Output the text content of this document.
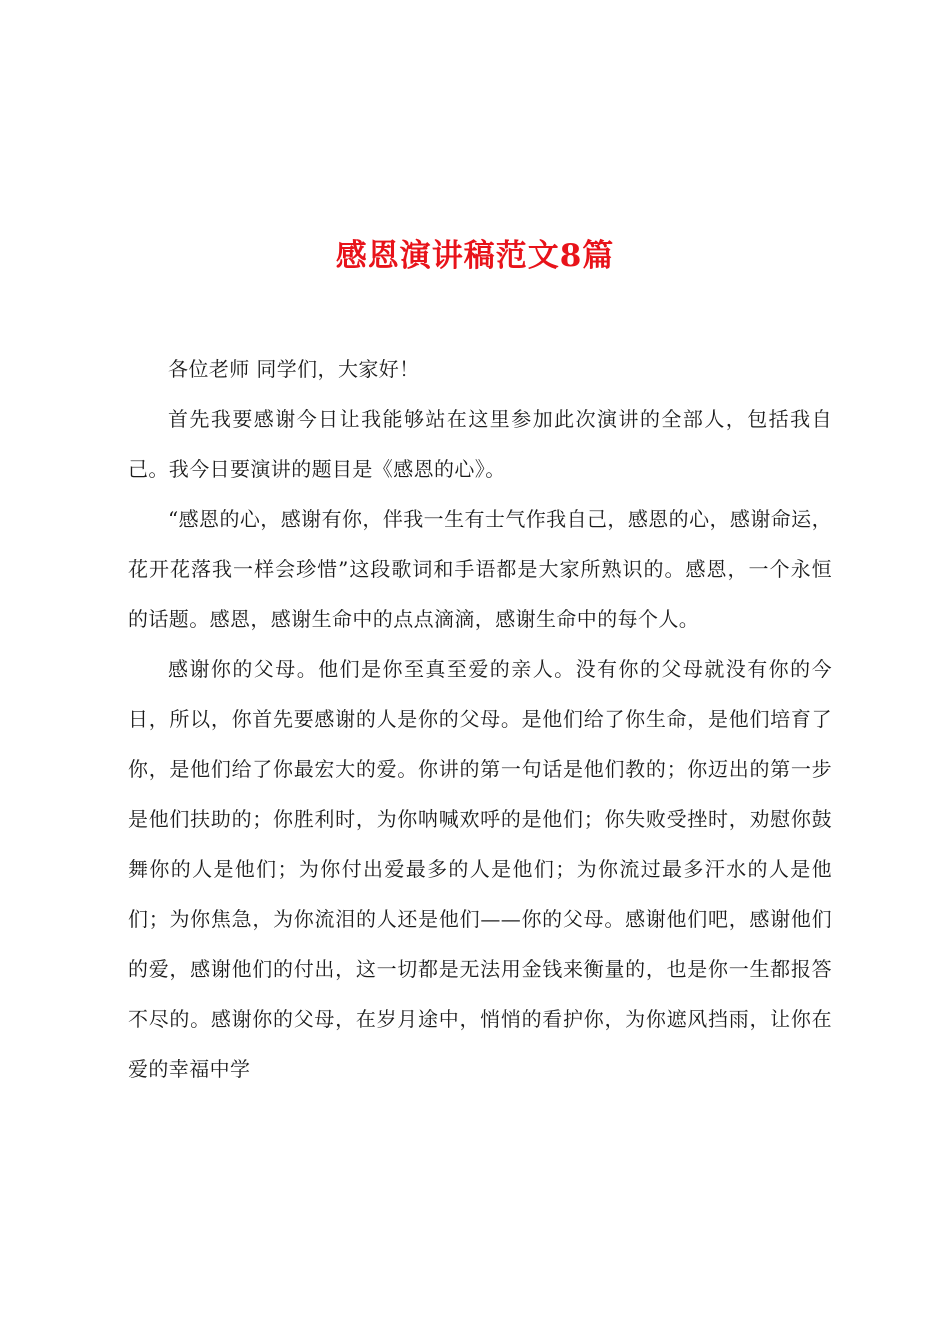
感恩演讲稿范文8篇

各位老师 同学们，大家好！

首先我要感谢今日让我能够站在这里参加此次演讲的全部人，包括我自己。我今日要演讲的题目是《感恩的心》。

“感恩的心，感谢有你，伴我一生有士气作我自己，感恩的心，感谢命运，花开花落我一样会珍惜”这段歌词和手语都是大家所熟识的。感恩，一个永恒的话题。感恩，感谢生命中的点点滴滴，感谢生命中的每个人。

感谢你的父母。他们是你至真至爱的亲人。没有你的父母就没有你的今日，所以，你首先要感谢的人是你的父母。是他们给了你生命，是他们培育了你，是他们给了你最宏大的爱。你讲的第一句话是他们教的；你迈出的第一步是他们扶助的；你胜利时，为你呐喊欢呼的是他们；你失败受挫时，劝慰你鼓舞你的人是他们；为你付出爱最多的人是他们；为你流过最多汗水的人是他们；为你焦急，为你流泪的人还是他们——你的父母。感谢他们吧，感谢他们的爱，感谢他们的付出，这一切都是无法用金钱来衡量的，也是你一生都报答不尽的。感谢你的父母，在岁月途中，悄悄的看护你，为你遮风挡雨，让你在爱的幸福中学
